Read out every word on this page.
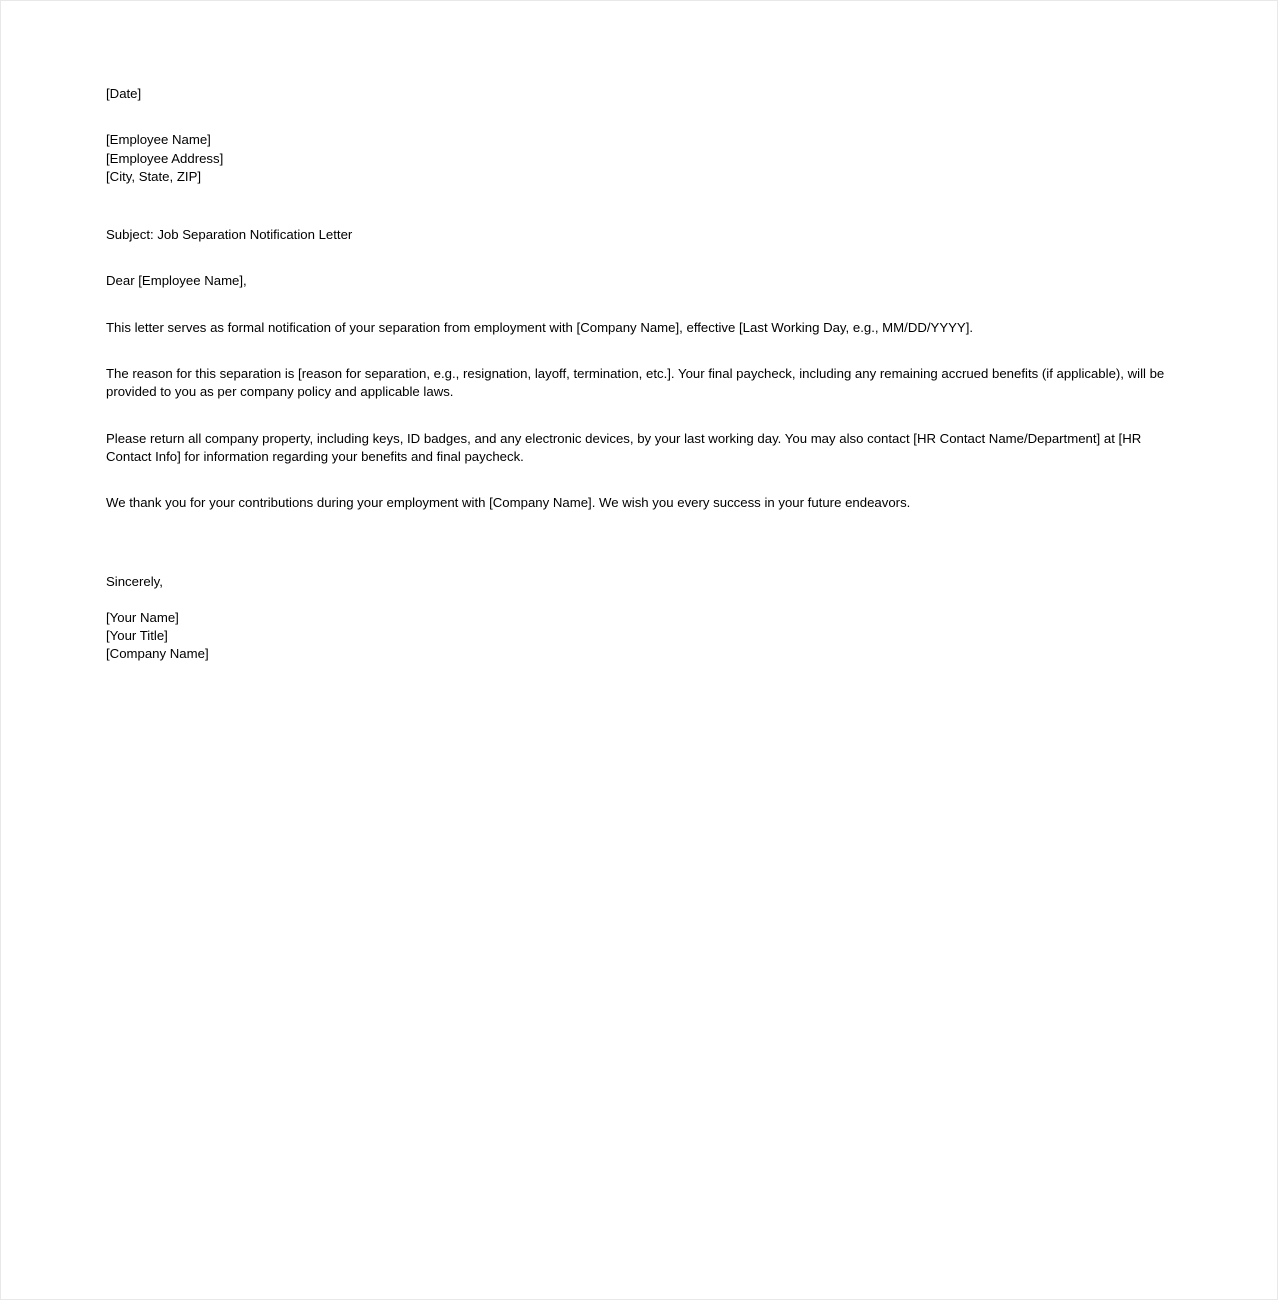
[Date]
[Employee Name]
[Employee Address]
[City, State, ZIP]
Subject: Job Separation Notification Letter
Dear [Employee Name],

This letter serves as formal notification of your separation from employment with [Company Name], effective [Last Working Day, e.g., MM/DD/YYYY].

The reason for this separation is [reason for separation, e.g., resignation, layoff, termination, etc.]. Your final paycheck, including any remaining accrued benefits (if applicable), will be provided to you as per company policy and applicable laws.

Please return all company property, including keys, ID badges, and any electronic devices, by your last working day. You may also contact [HR Contact Name/Department] at [HR Contact Info] for information regarding your benefits and final paycheck.

We thank you for your contributions during your employment with [Company Name]. We wish you every success in your future endeavors.

Sincerely,
[Your Name]
[Your Title]
[Company Name]
